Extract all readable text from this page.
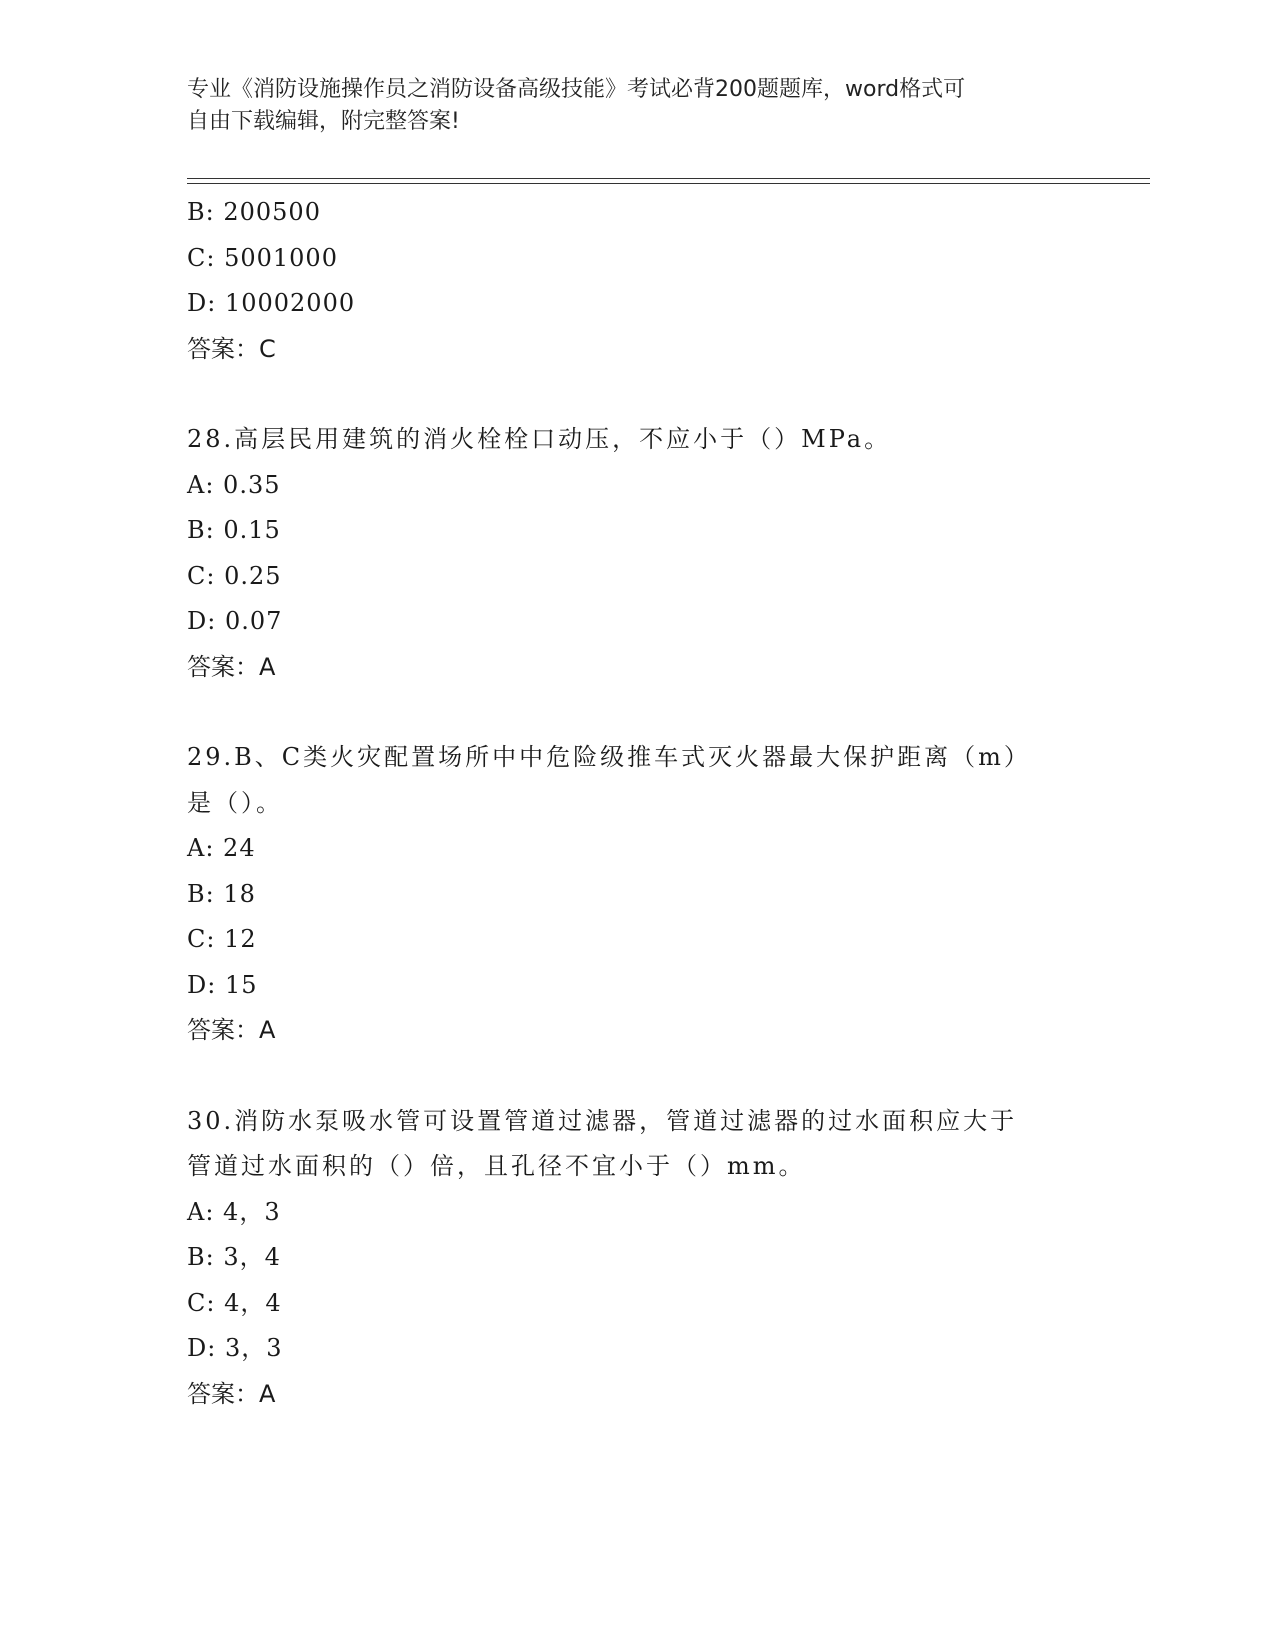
专业《消防设施操作员之消防设备高级技能》考试必背200题题库，word格式可
自由下载编辑，附完整答案!
B: 200500
C: 5001000
D: 10002000
答案：C
28.高层民用建筑的消火栓栓口动压，不应小于（）MPa。
A: 0.35
B: 0.15
C: 0.25
D: 0.07
答案：A
29.B、C类火灾配置场所中中危险级推车式灭火器最大保护距离（m）
是（）。
A: 24
B: 18
C: 12
D: 15
答案：A
30.消防水泵吸水管可设置管道过滤器，管道过滤器的过水面积应大于
管道过水面积的（）倍，且孔径不宜小于（）mm。
A: 4，3
B: 3，4
C: 4，4
D: 3，3
答案：A
